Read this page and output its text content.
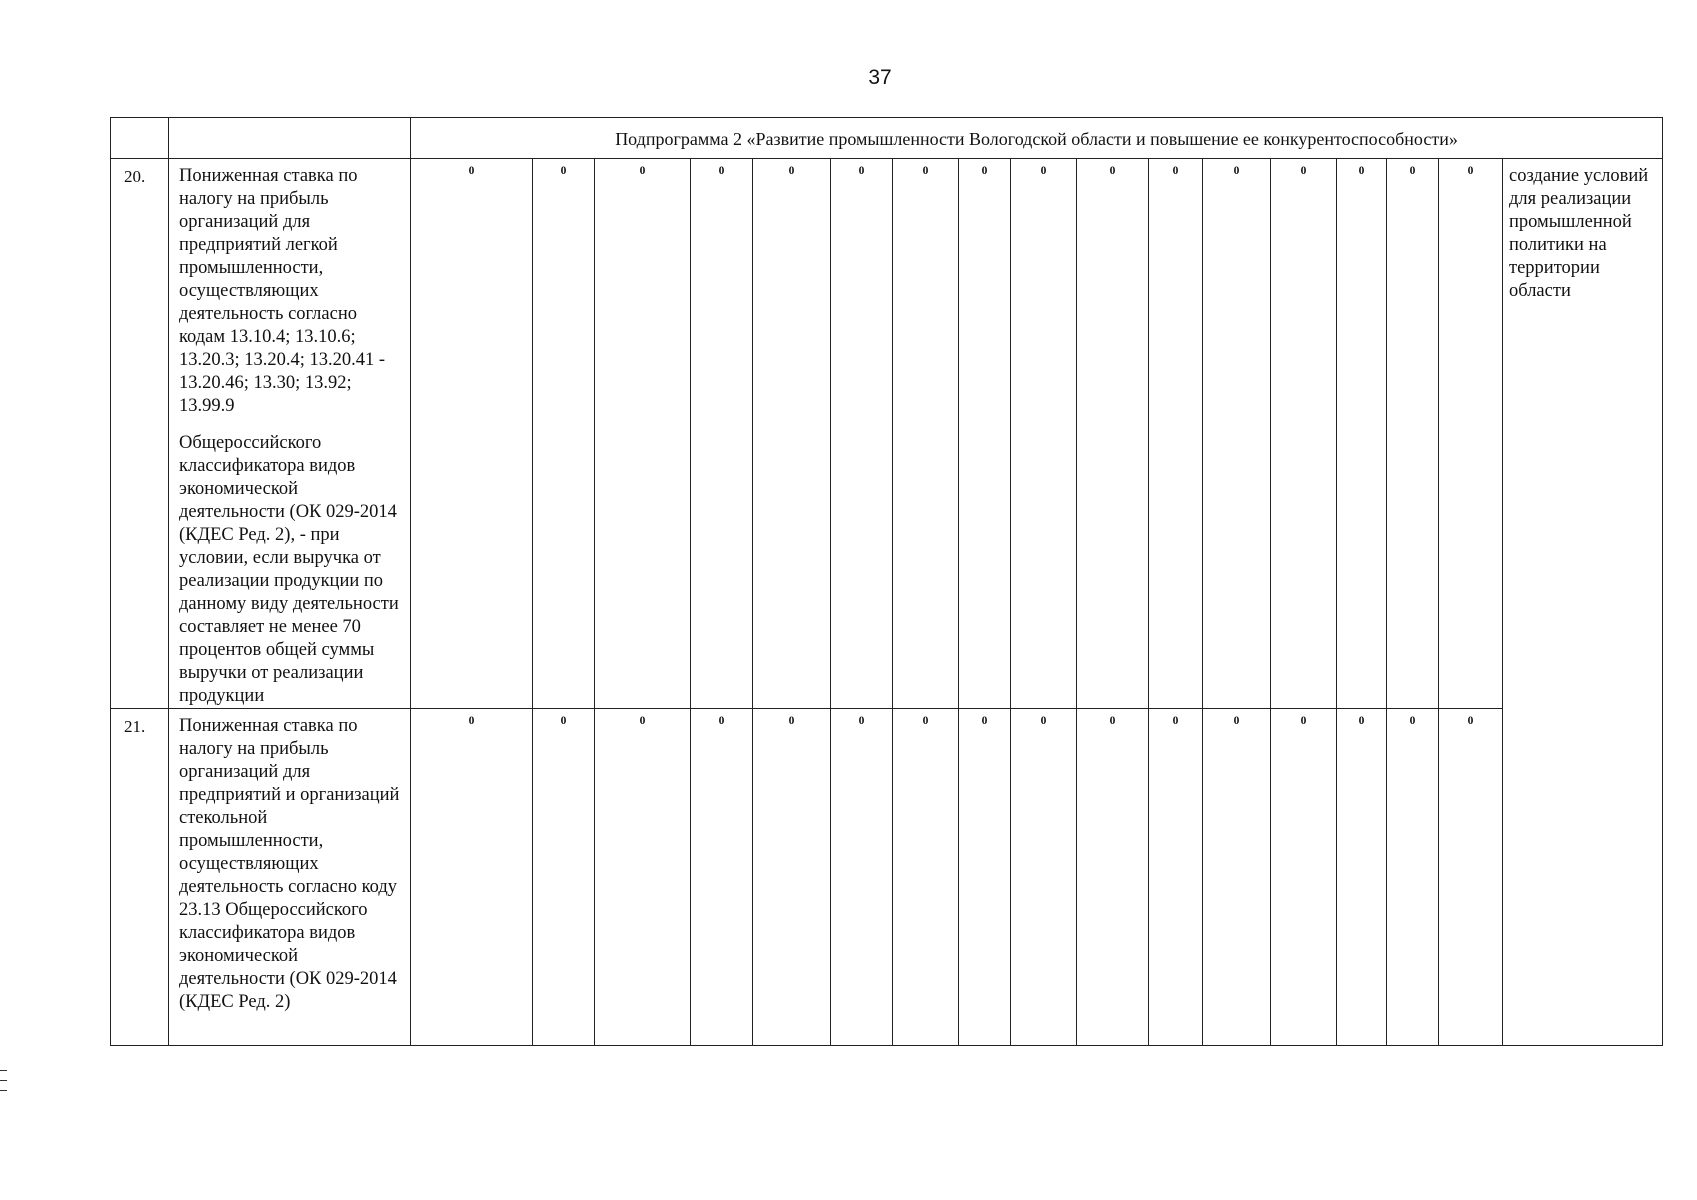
37
		Подпрограмма 2 «Развитие промышленности Вологодской области и повышение ее конкурентоспособности»																
20.	Пониженная ставка по налогу на прибыль организаций для предприятий легкой промышленности, осуществляющих деятельность согласно кодам 13.10.4; 13.10.6; 13.20.3; 13.20.4; 13.20.41 - 13.20.46; 13.30; 13.92; 13.99.9

Общероссийского классификатора видов экономической деятельности (ОК 029-2014 (КДЕС Ред. 2), - при условии, если выручка от реализации продукции по данному виду деятельности составляет не менее 70 процентов общей суммы выручки от реализации продукции	0	0	0	0	0	0	0	0	0	0	0	0	0	0	0	0	создание условий для реализации промышленной политики на территории области
21.	Пониженная ставка по налогу на прибыль организаций для предприятий и организаций стекольной промышленности, осуществляющих деятельность согласно коду 23.13 Общероссийского классификатора видов экономической деятельности (ОК 029-2014 (КДЕС Ред. 2)	0	0	0	0	0	0	0	0	0	0	0	0	0	0	0	0	
